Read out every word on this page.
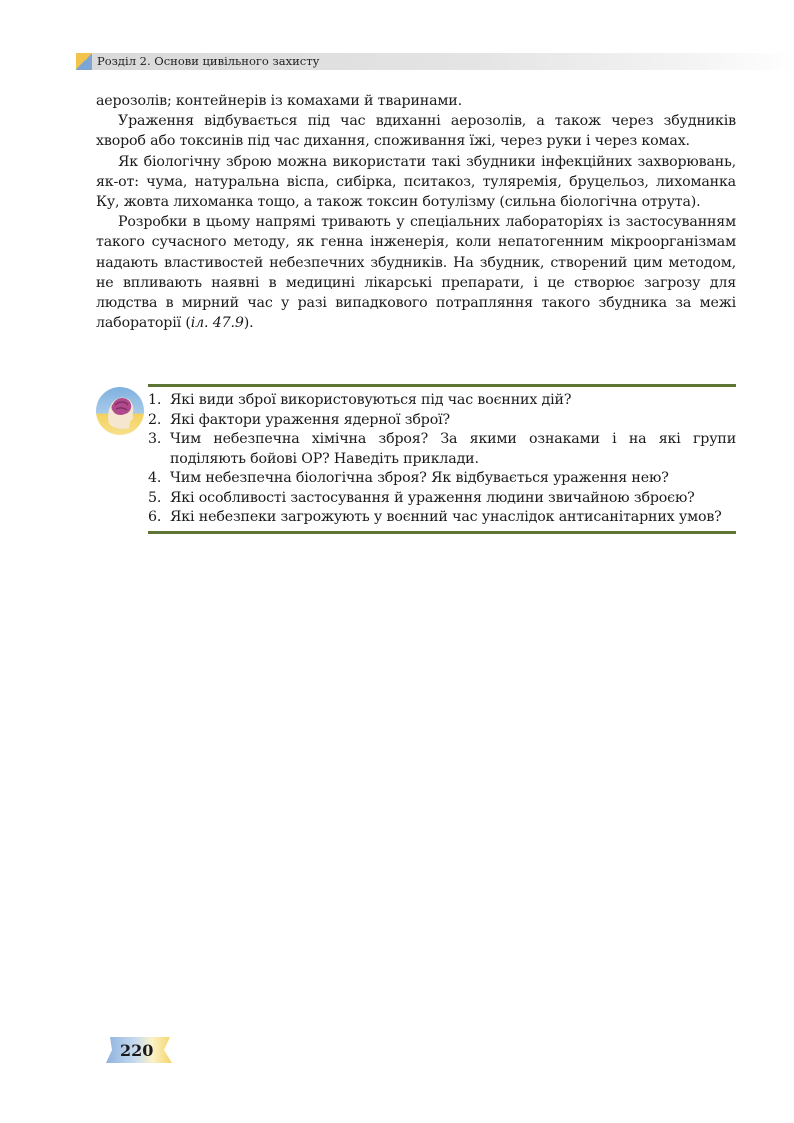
Розділ 2. Основи цивільного захисту

аерозолів; контейнерів із комахами й тваринами.

Ураження відбувається під час вдиханні аерозолів, а також через збудників хвороб або токсинів під час дихання, споживання їжі, через руки і через комах.

Як біологічну зброю можна використати такі збудники інфекційних захворювань, як-от: чума, натуральна віспа, сибірка, пситакоз, туляремія, бруцельоз, лихоманка Ку, жовта лихоманка тощо, а також токсин ботулізму (сильна біологічна отрута).

Розробки в цьому напрямі тривають у спеціальних лабораторіях із застосуванням такого сучасного методу, як генна інженерія, коли непатогенним мікроорганізмам надають властивостей небезпечних збудників. На збудник, створений цим методом, не впливають наявні в медицині лікарські препарати, і це створює загрозу для людства в мирний час у разі випадкового потрапляння такого збудника за межі лабораторії (іл. 47.9).

1. Які види зброї використовуються під час воєнних дій?
2. Які фактори ураження ядерної зброї?
3. Чим небезпечна хімічна зброя? За якими ознаками і на які групи поділяють бойові ОР? Наведіть приклади.
4. Чим небезпечна біологічна зброя? Як відбувається ураження нею?
5. Які особливості застосування й ураження людини звичайною зброєю?
6. Які небезпеки загрожують у воєнний час унаслідок антисанітарних умов?
220
